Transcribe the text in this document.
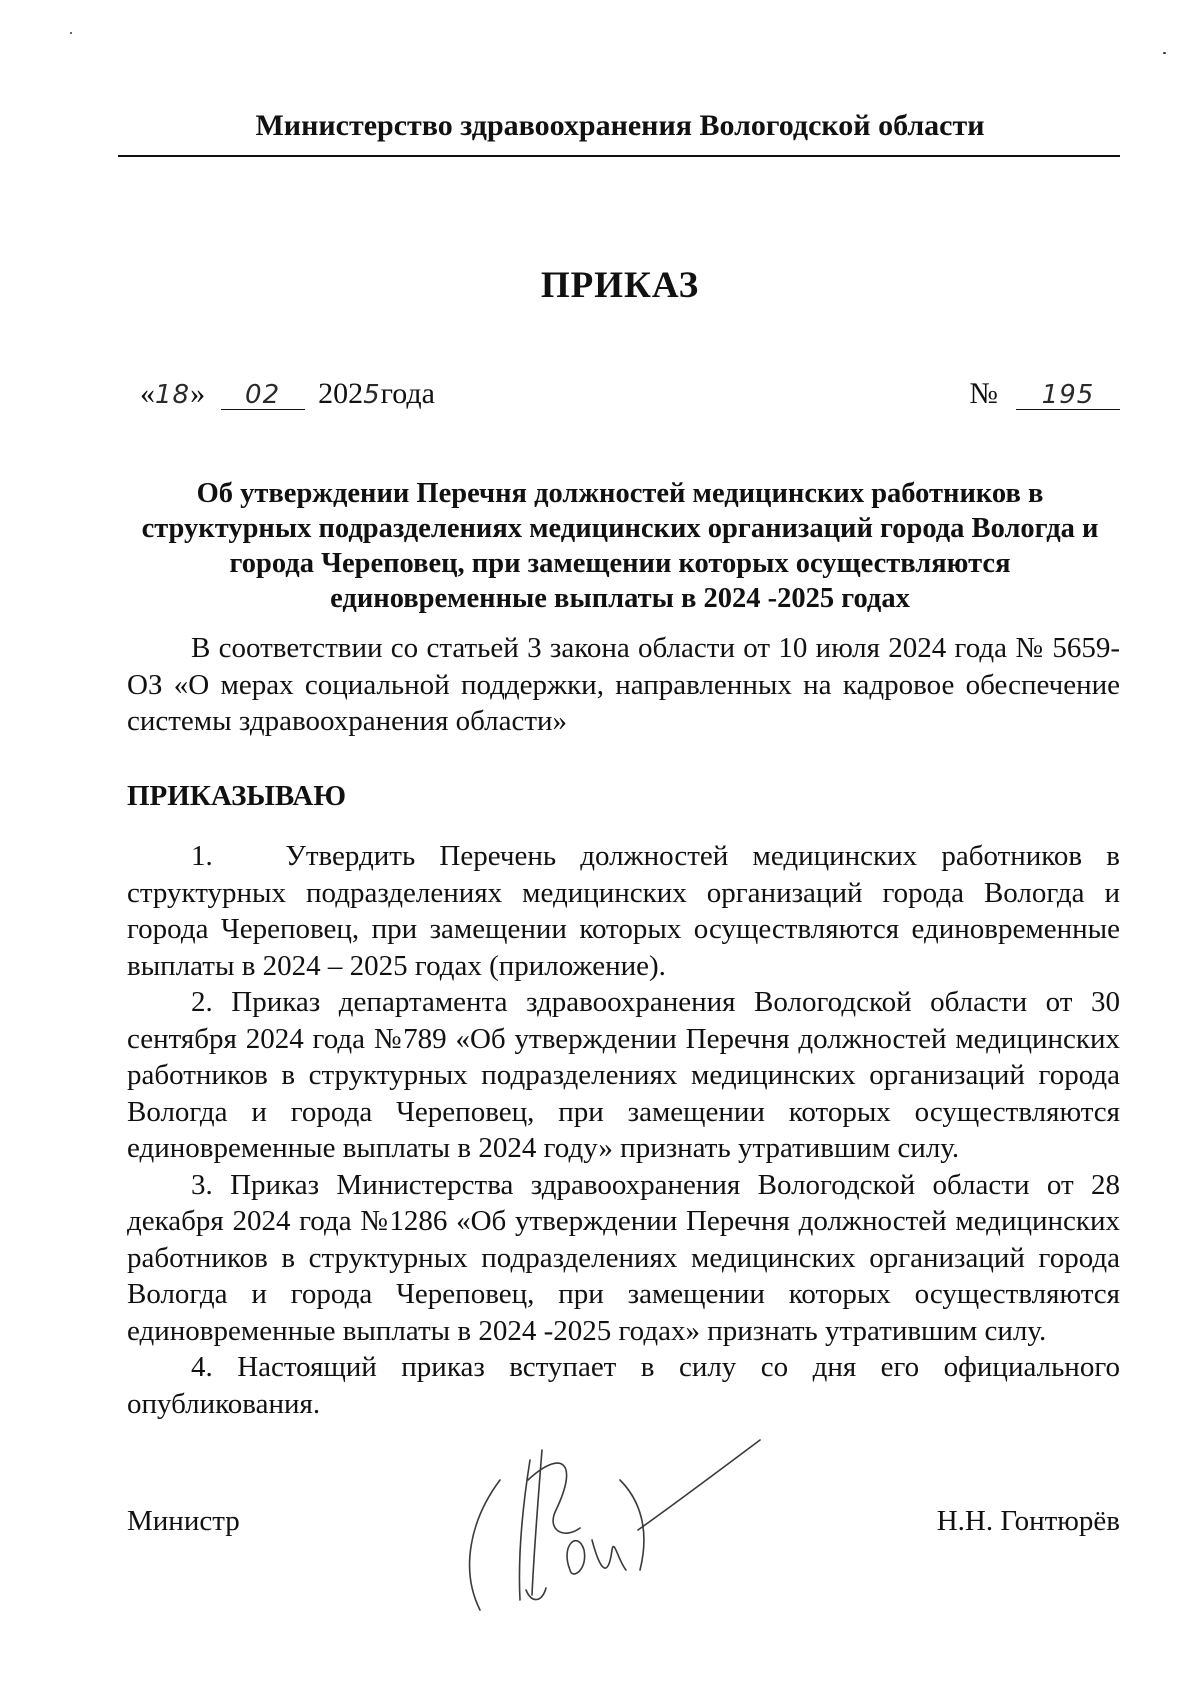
Министерство здравоохранения Вологодской области
ПРИКАЗ
«18» 02 2025года	№ 195
Об утверждении Перечня должностей медицинских работников в структурных подразделениях медицинских организаций города Вологда и города Череповец, при замещении которых осуществляются единовременные выплаты в 2024 -2025 годах
В соответствии со статьей 3 закона области от 10 июля 2024 года № 5659-ОЗ «О мерах социальной поддержки, направленных на кадровое обеспечение системы здравоохранения области»
ПРИКАЗЫВАЮ

1.   Утвердить Перечень должностей медицинских работников в структурных подразделениях медицинских организаций города Вологда и города Череповец, при замещении которых осуществляются единовременные выплаты в 2024 – 2025 годах (приложение).

2. Приказ департамента здравоохранения Вологодской области от 30 сентября 2024 года №789 «Об утверждении Перечня должностей медицинских работников в структурных подразделениях медицинских организаций города Вологда и города Череповец, при замещении которых осуществляются единовременные выплаты в 2024 году» признать утратившим силу.

3. Приказ Министерства здравоохранения Вологодской области от 28 декабря 2024 года №1286 «Об утверждении Перечня должностей медицинских работников в структурных подразделениях медицинских организаций города Вологда и города Череповец, при замещении которых осуществляются единовременные выплаты в 2024 -2025 годах» признать утратившим силу.

4. Настоящий приказ вступает в силу со дня его официального опубликования.

Министр	Н.Н. Гонтюрёв
